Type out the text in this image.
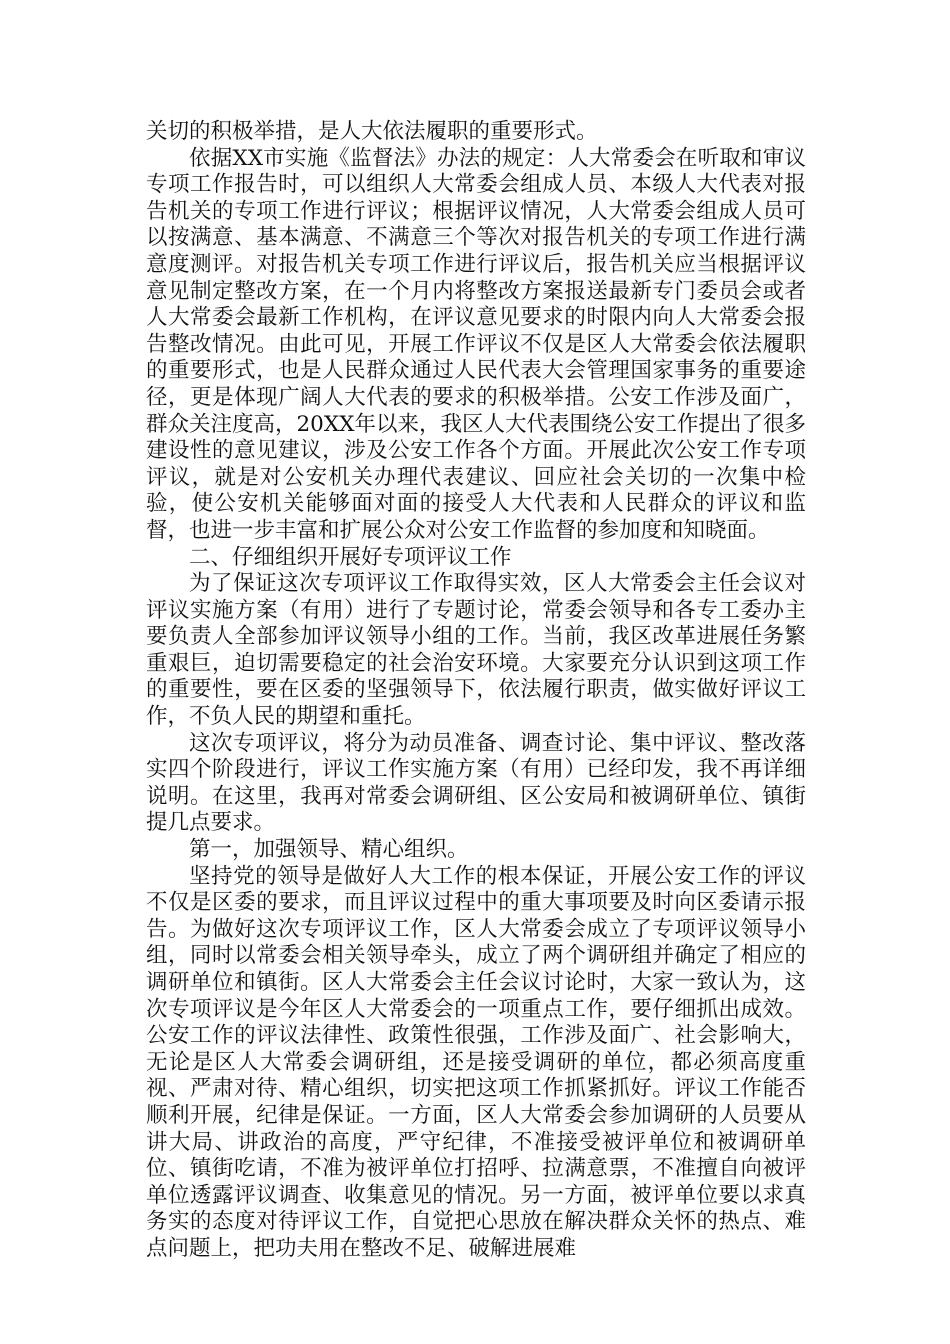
关切的积极举措，是人大依法履职的重要形式。

依据XX市实施《监督法》办法的规定：人大常委会在听取和审议专项工作报告时，可以组织人大常委会组成人员、本级人大代表对报告机关的专项工作进行评议；根据评议情况，人大常委会组成人员可以按满意、基本满意、不满意三个等次对报告机关的专项工作进行满意度测评。对报告机关专项工作进行评议后，报告机关应当根据评议意见制定整改方案，在一个月内将整改方案报送最新专门委员会或者人大常委会最新工作机构，在评议意见要求的时限内向人大常委会报告整改情况。由此可见，开展工作评议不仅是区人大常委会依法履职的重要形式，也是人民群众通过人民代表大会管理国家事务的重要途径，更是体现广阔人大代表的要求的积极举措。公安工作涉及面广，群众关注度高，20XX年以来，我区人大代表围绕公安工作提出了很多建设性的意见建议，涉及公安工作各个方面。开展此次公安工作专项评议，就是对公安机关办理代表建议、回应社会关切的一次集中检验，使公安机关能够面对面的接受人大代表和人民群众的评议和监督，也进一步丰富和扩展公众对公安工作监督的参加度和知晓面。

二、仔细组织开展好专项评议工作

为了保证这次专项评议工作取得实效，区人大常委会主任会议对评议实施方案（有用）进行了专题讨论，常委会领导和各专工委办主要负责人全部参加评议领导小组的工作。当前，我区改革进展任务繁重艰巨，迫切需要稳定的社会治安环境。大家要充分认识到这项工作的重要性，要在区委的坚强领导下，依法履行职责，做实做好评议工作，不负人民的期望和重托。

这次专项评议，将分为动员准备、调查讨论、集中评议、整改落实四个阶段进行，评议工作实施方案（有用）已经印发，我不再详细说明。在这里，我再对常委会调研组、区公安局和被调研单位、镇街提几点要求。

第一，加强领导、精心组织。

坚持党的领导是做好人大工作的根本保证，开展公安工作的评议不仅是区委的要求，而且评议过程中的重大事项要及时向区委请示报告。为做好这次专项评议工作，区人大常委会成立了专项评议领导小组，同时以常委会相关领导牵头，成立了两个调研组并确定了相应的调研单位和镇街。区人大常委会主任会议讨论时，大家一致认为，这次专项评议是今年区人大常委会的一项重点工作，要仔细抓出成效。公安工作的评议法律性、政策性很强，工作涉及面广、社会影响大，无论是区人大常委会调研组，还是接受调研的单位，都必须高度重视、严肃对待、精心组织，切实把这项工作抓紧抓好。评议工作能否顺利开展，纪律是保证。一方面，区人大常委会参加调研的人员要从讲大局、讲政治的高度，严守纪律，不准接受被评单位和被调研单位、镇街吃请，不准为被评单位打招呼、拉满意票，不准擅自向被评单位透露评议调查、收集意见的情况。另一方面，被评单位要以求真务实的态度对待评议工作，自觉把心思放在解决群众关怀的热点、难点问题上，把功夫用在整改不足、破解进展难
